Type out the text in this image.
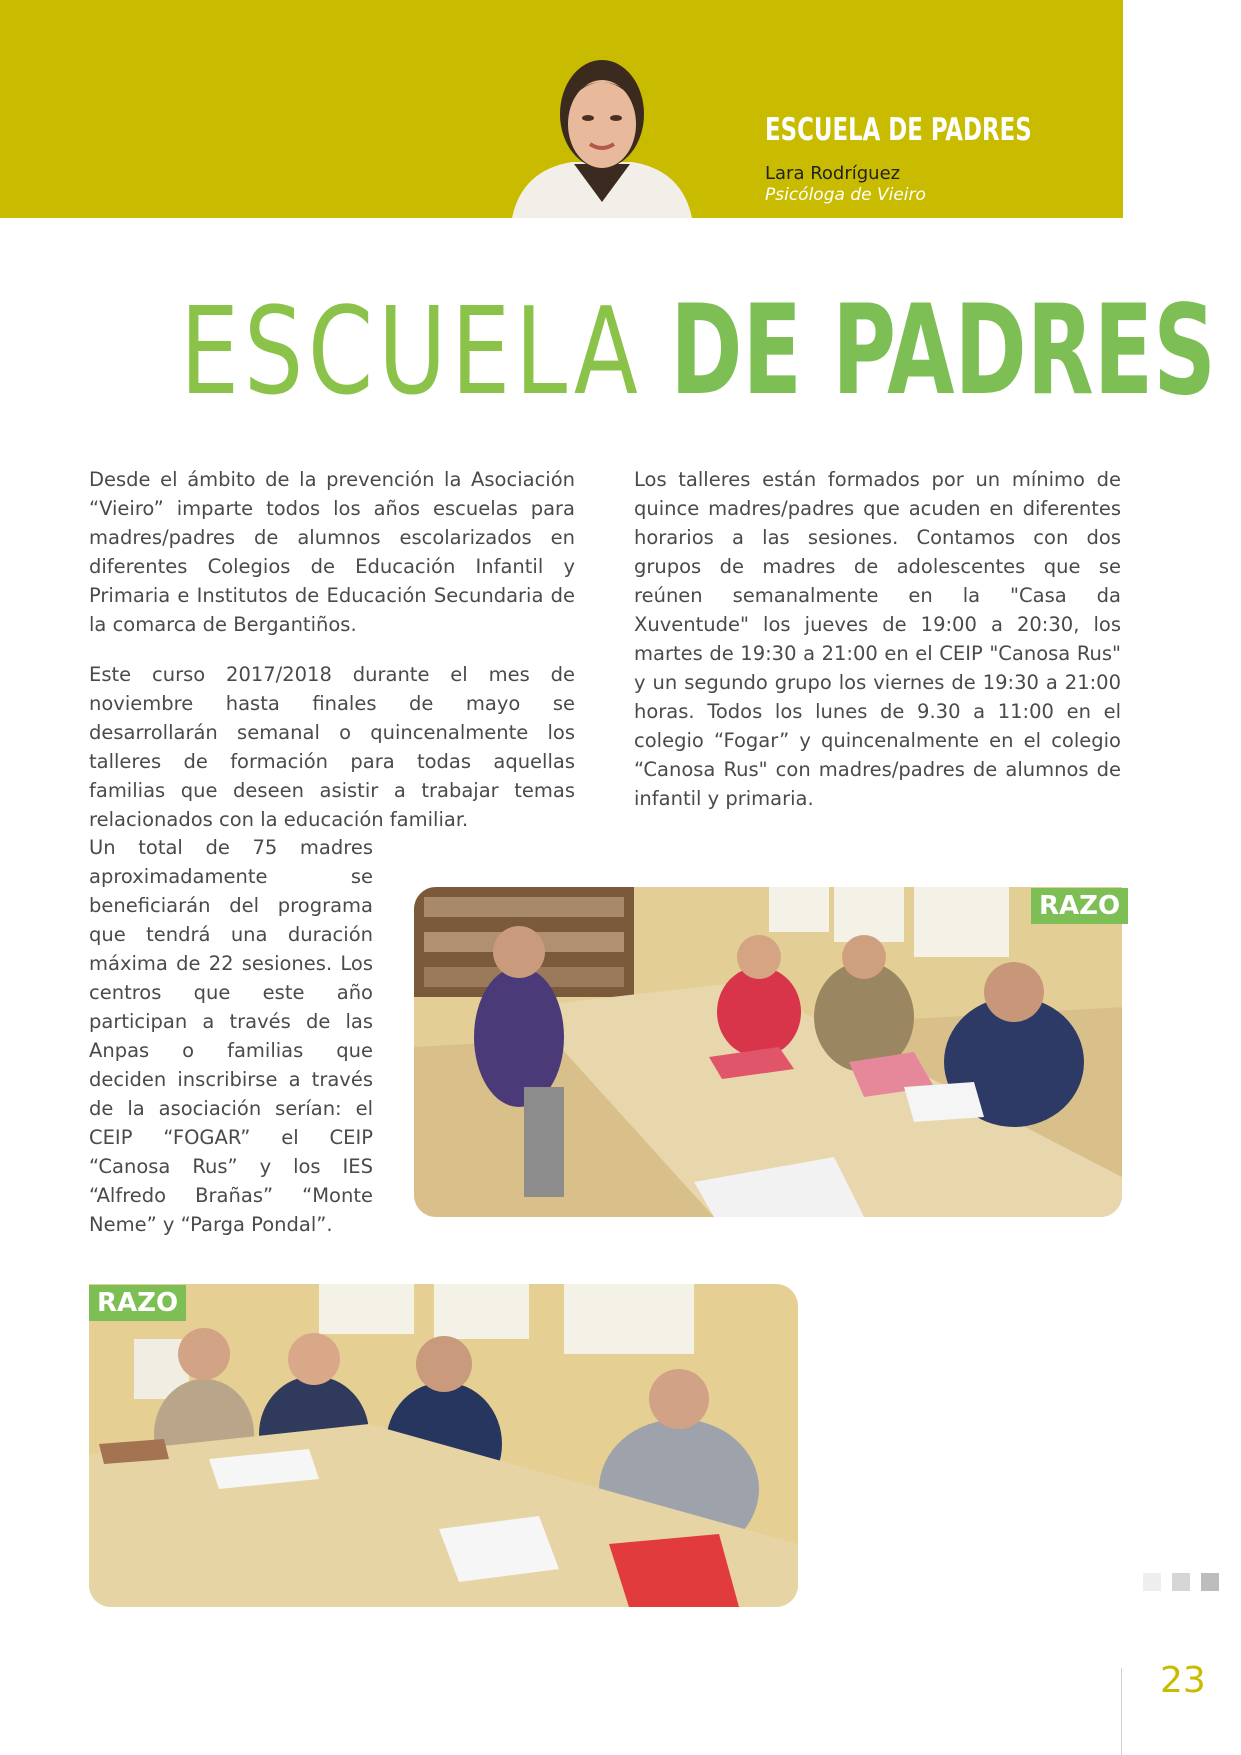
ESCUELA DE PADRES
Lara Rodríguez
Psicóloga de Vieiro
ESCUELA DE PADRES

Desde el ámbito de la prevención la Asociación “Vieiro” imparte todos los años escuelas para madres/padres de alumnos escolarizados en diferentes Colegios de Educación Infantil y Primaria e Institutos de Educación Secundaria de la comarca de Bergantiños.

Este curso 2017/2018 durante el mes de noviembre hasta finales de mayo se desarrollarán semanal o quincenalmente los talleres de formación para todas aquellas familias que deseen asistir a trabajar temas relacionados con la educación familiar.

Los talleres están formados por un mínimo de quince madres/padres que acuden en diferentes horarios a las sesiones. Contamos con dos grupos de madres de adolescentes que se reúnen semanalmente en la "Casa da Xuventude" los jueves de 19:00 a 20:30, los martes de 19:30 a 21:00 en el CEIP "Canosa Rus" y un segundo grupo los viernes de 19:30 a 21:00 horas. Todos los lunes de 9.30 a 11:00 en el colegio “Fogar” y quincenalmente en el colegio “Canosa Rus" con madres/padres de alumnos de infantil y primaria.

Un total de 75 madres aproximadamente se beneficiarán del programa que tendrá una duración máxima de 22 sesiones. Los centros que este año participan a través de las Anpas o familias que deciden inscribirse a través de la asociación serían: el CEIP “FOGAR” el CEIP “Canosa Rus” y los IES “Alfredo Brañas” “Monte Neme” y “Parga Pondal”.

RAZO
RAZO
23
